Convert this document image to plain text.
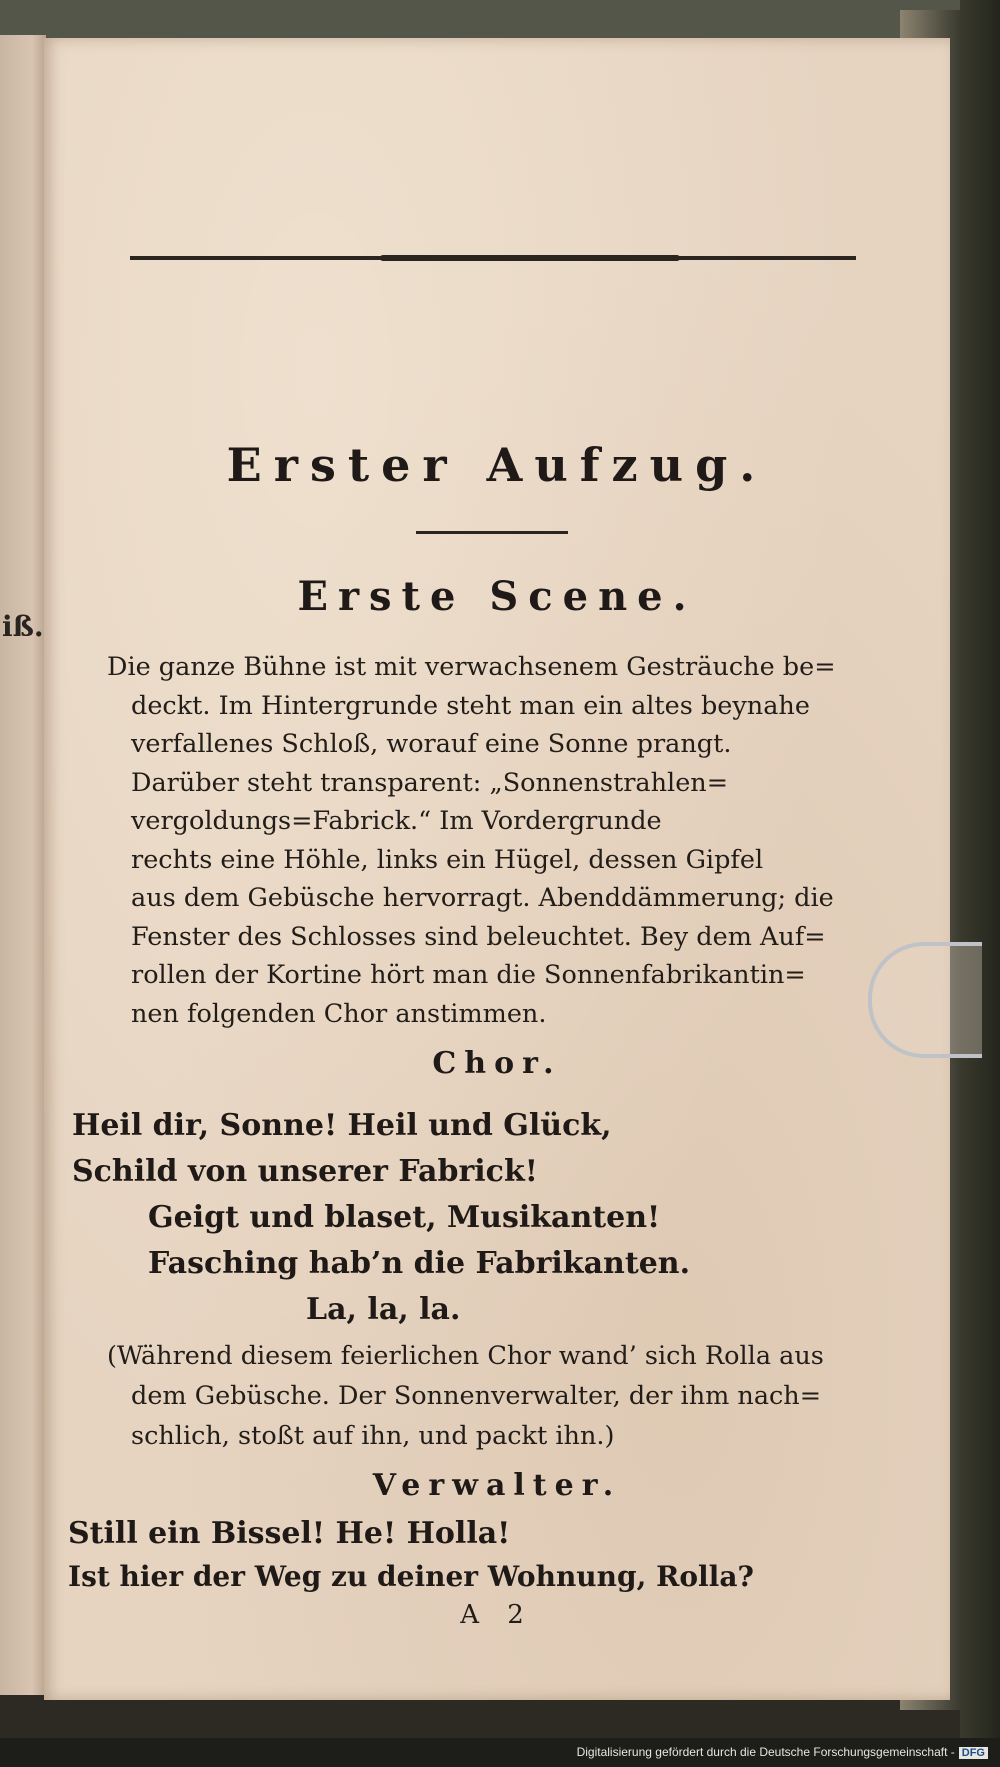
iß.
Erster Aufzug.
Erste Scene.
Die ganze Bühne ist mit verwachsenem Gesträuche be=
deckt. Im Hintergrunde steht man ein altes beynahe
verfallenes Schloß, worauf eine Sonne prangt.
Darüber steht transparent: „Sonnenstrahlen=
vergoldungs=Fabrick.“ Im Vordergrunde
rechts eine Höhle, links ein Hügel, dessen Gipfel
aus dem Gebüsche hervorragt. Abenddämmerung; die
Fenster des Schlosses sind beleuchtet. Bey dem Auf=
rollen der Kortine hört man die Sonnenfabrikantin=
nen folgenden Chor anstimmen.
Chor.
Heil dir, Sonne! Heil und Glück,
Schild von unserer Fabrick!
Geigt und blaset, Musikanten!
Fasching hab’n die Fabrikanten.
La, la, la.
(Während diesem feierlichen Chor wand’ sich Rolla aus
dem Gebüsche. Der Sonnenverwalter, der ihm nach=
schlich, stoßt auf ihn, und packt ihn.)
Verwalter.
Still ein Bissel! He! Holla!
Ist hier der Weg zu deiner Wohnung, Rolla?
A 2
Digitalisierung gefördert durch die Deutsche Forschungsgemeinschaft - DFG
